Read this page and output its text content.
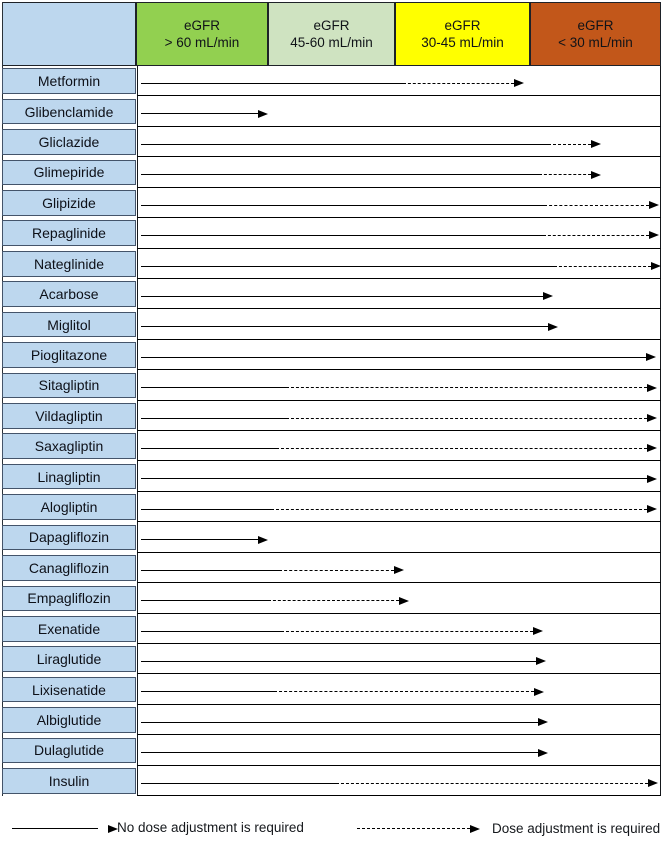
eGFR
> 60 mL/min
eGFR
45-60 mL/min
eGFR
30-45 mL/min
eGFR
< 30 mL/min
Metformin
Glibenclamide
Gliclazide
Glimepiride
Glipizide
Repaglinide
Nateglinide
Acarbose
Miglitol
Pioglitazone
Sitagliptin
Vildagliptin
Saxagliptin
Linagliptin
Alogliptin
Dapagliflozin
Canagliflozin
Empagliflozin
Exenatide
Liraglutide
Lixisenatide
Albiglutide
Dulaglutide
Insulin
No dose adjustment is required	Dose adjustment is required
